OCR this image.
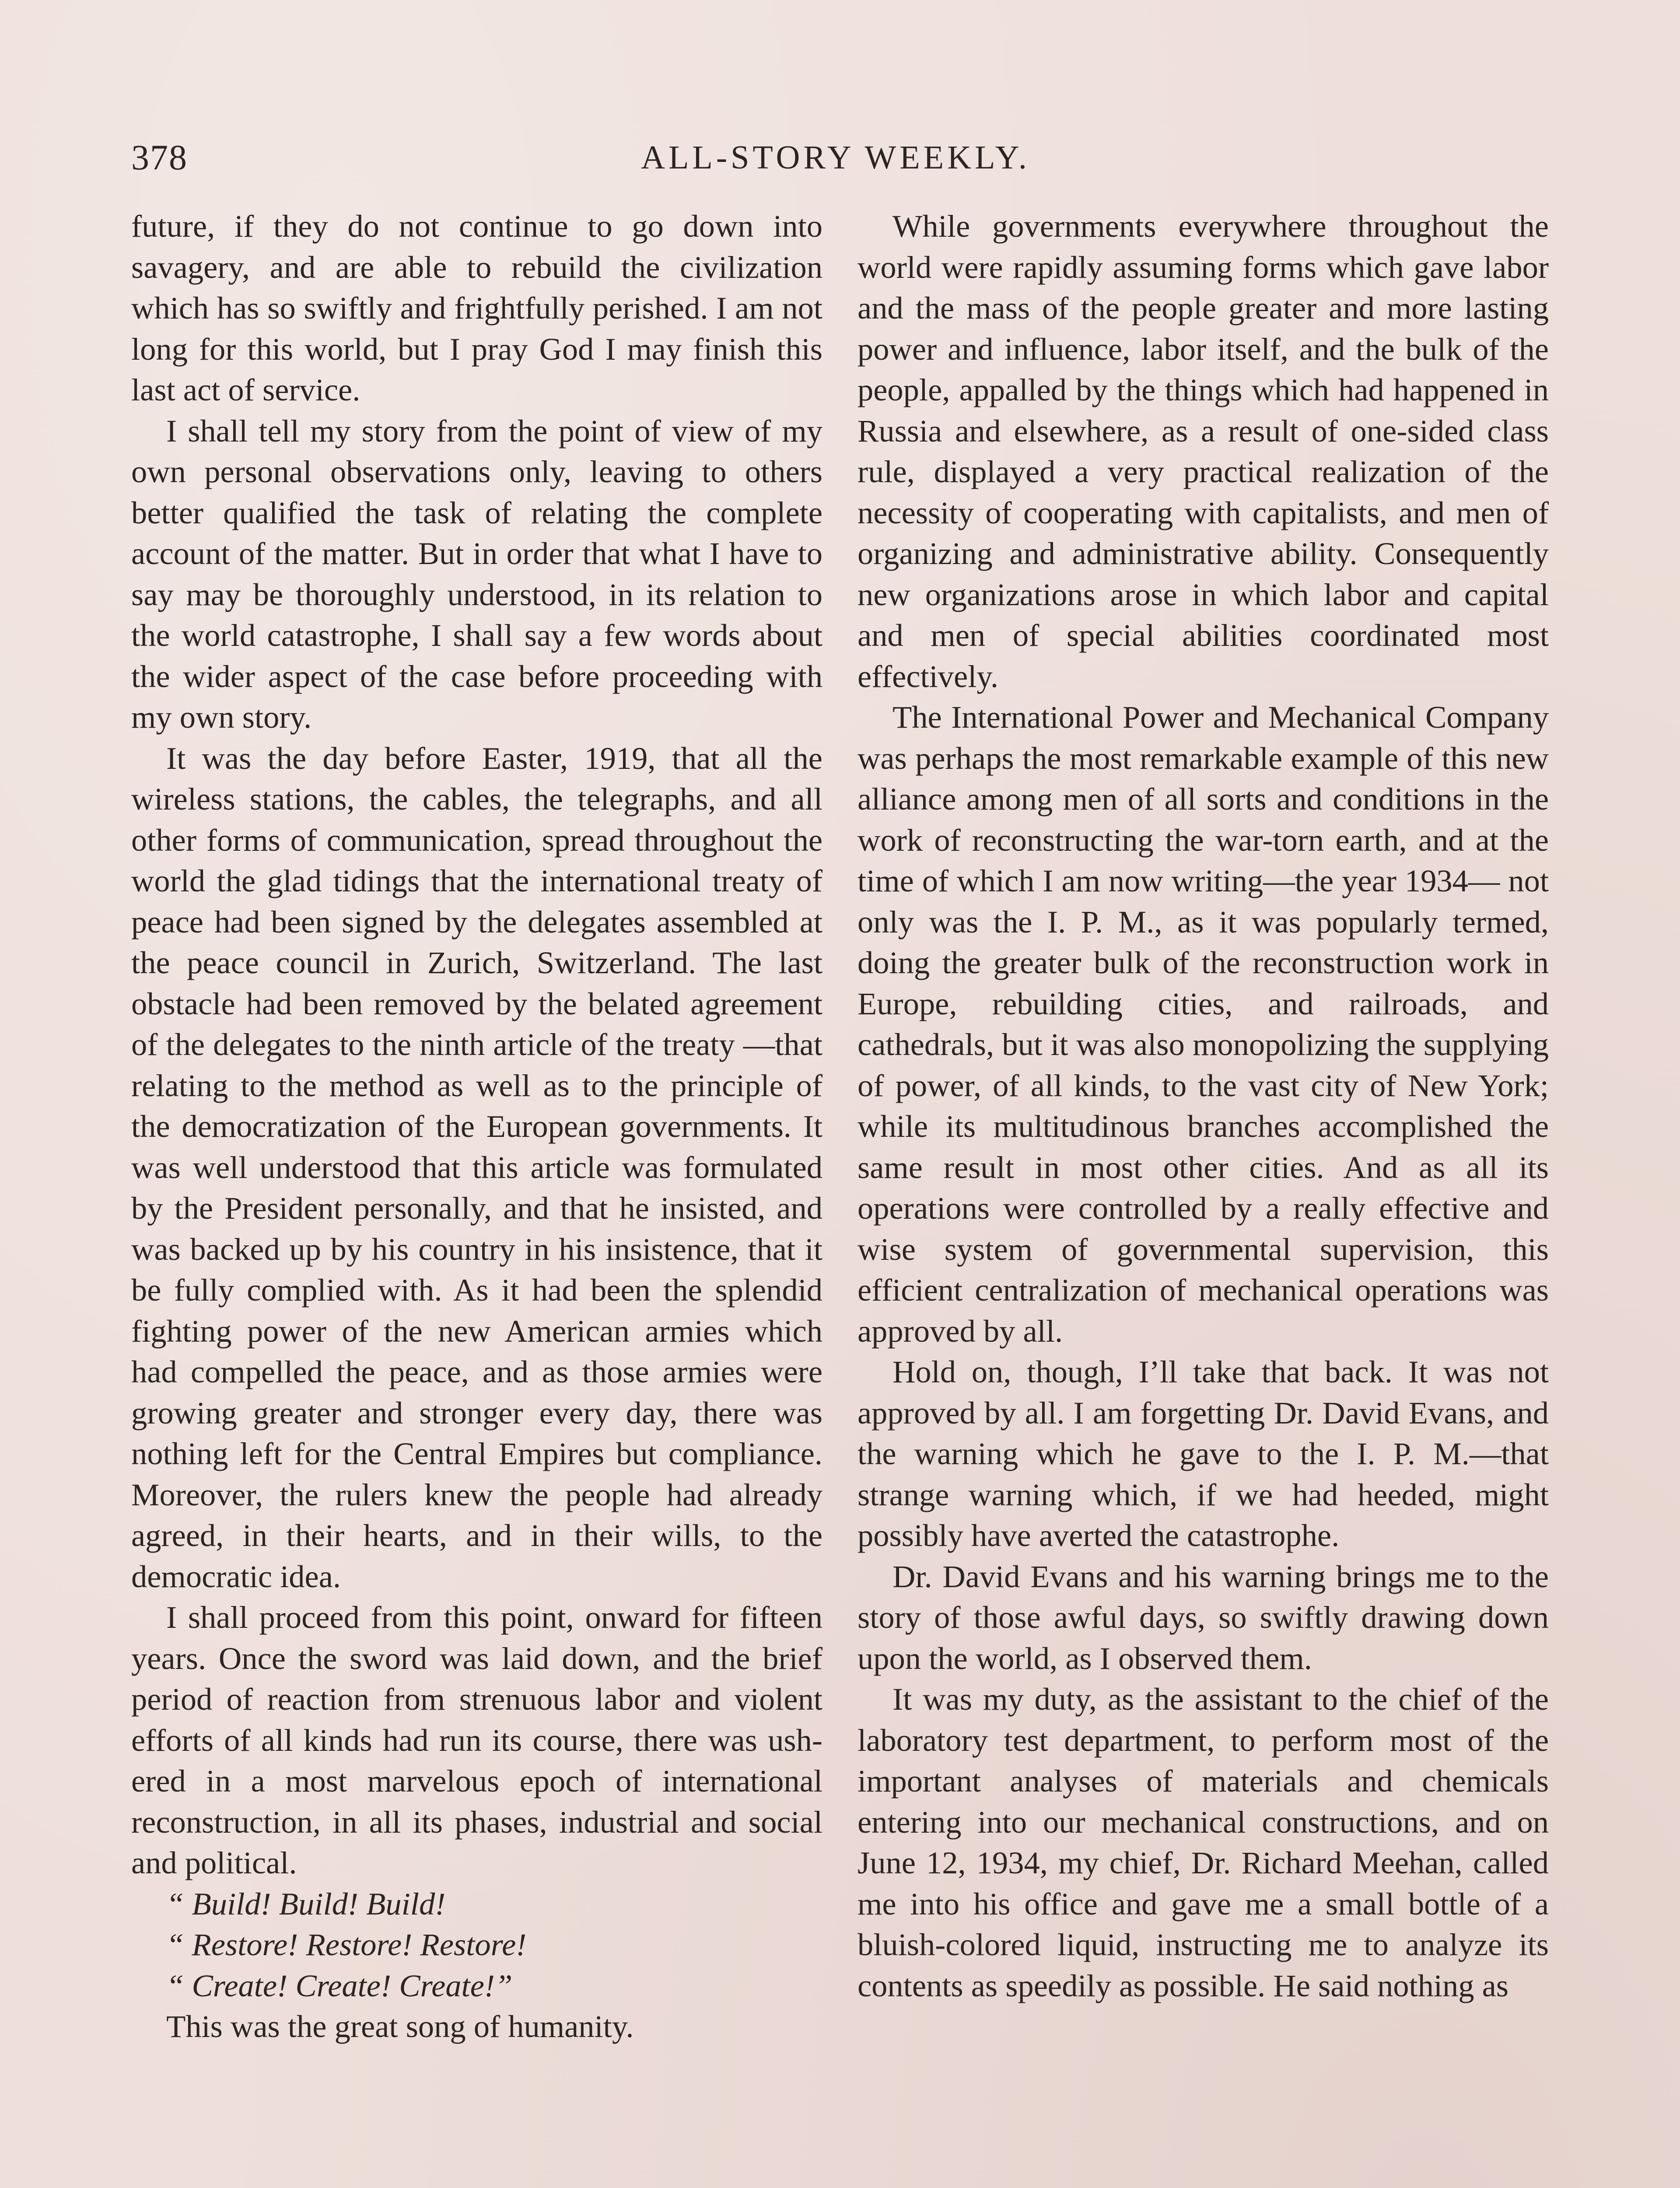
378	ALL-STORY WEEKLY.

future, if they do not continue to go down into savagery, and are able to rebuild the civilization which has so swiftly and frightfully perished. I am not long for this world, but I pray God I may finish this last act of service.

I shall tell my story from the point of view of my own personal observations only, leaving to others better qualified the task of relating the complete account of the matter. But in order that what I have to say may be thoroughly understood, in its relation to the world catastrophe, I shall say a few words about the wider aspect of the case before proceeding with my own story.

It was the day before Easter, 1919, that all the wireless stations, the cables, the telegraphs, and all other forms of communication, spread throughout the world the glad tidings that the international treaty of peace had been signed by the delegates assembled at the peace council in Zurich, Switzerland. The last obstacle had been removed by the belated agreement of the delegates to the ninth article of the treaty —that relating to the method as well as to the principle of the democratization of the European governments. It was well understood that this article was formulated by the President personally, and that he insisted, and was backed up by his country in his insistence, that it be fully complied with. As it had been the splendid fighting power of the new American armies which had compelled the peace, and as those armies were growing greater and stronger every day, there was nothing left for the Central Empires but compliance. Moreover, the rulers knew the people had already agreed, in their hearts, and in their wills, to the democratic idea.

I shall proceed from this point, onward for fifteen years. Once the sword was laid down, and the brief period of reaction from strenuous labor and violent efforts of all kinds had run its course, there was ushered in a most marvelous epoch of international reconstruction, in all its phases, industrial and social and political.

“ Build! Build! Build!

“ Restore! Restore! Restore!

“ Create! Create! Create!”

This was the great song of humanity.

While governments everywhere throughout the world were rapidly assuming forms which gave labor and the mass of the people greater and more lasting power and influence, labor itself, and the bulk of the people, appalled by the things which had happened in Russia and elsewhere, as a result of one-sided class rule, displayed a very practical realization of the necessity of cooperating with capitalists, and men of organizing and administrative ability. Consequently new organizations arose in which labor and capital and men of special abilities coordinated most effectively.

The International Power and Mechanical Company was perhaps the most remarkable example of this new alliance among men of all sorts and conditions in the work of reconstructing the war-torn earth, and at the time of which I am now writing—the year 1934— not only was the I. P. M., as it was popularly termed, doing the greater bulk of the reconstruction work in Europe, rebuilding cities, and railroads, and cathedrals, but it was also monopolizing the supplying of power, of all kinds, to the vast city of New York; while its multitudinous branches accomplished the same result in most other cities. And as all its operations were controlled by a really effective and wise system of governmental supervision, this efficient centralization of mechanical operations was approved by all.

Hold on, though, I’ll take that back. It was not approved by all. I am forgetting Dr. David Evans, and the warning which he gave to the I. P. M.—that strange warning which, if we had heeded, might possibly have averted the catastrophe.

Dr. David Evans and his warning brings me to the story of those awful days, so swiftly drawing down upon the world, as I observed them.

It was my duty, as the assistant to the chief of the laboratory test department, to perform most of the important analyses of materials and chemicals entering into our mechanical constructions, and on June 12, 1934, my chief, Dr. Richard Meehan, called me into his office and gave me a small bottle of a bluish-colored liquid, instructing me to analyze its contents as speedily as possible. He said nothing as
